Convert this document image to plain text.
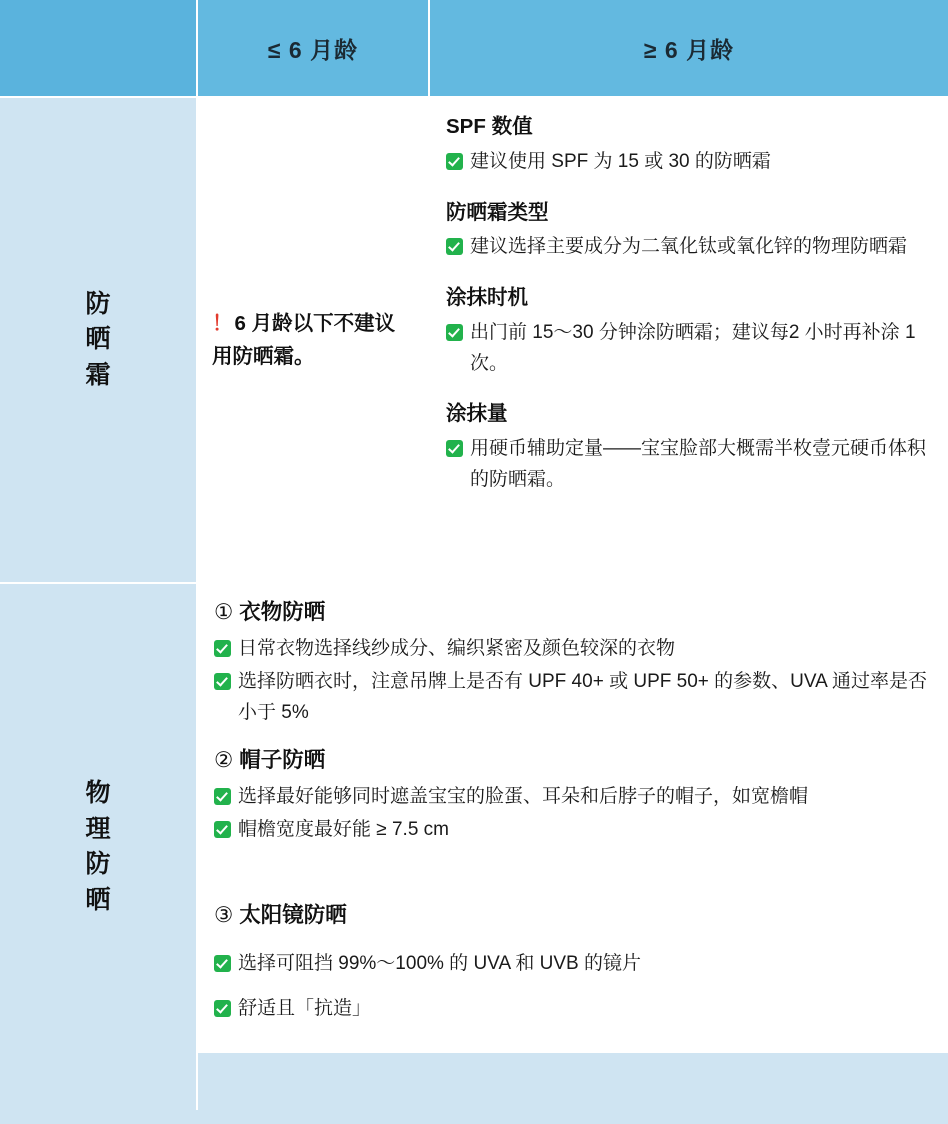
≤ 6 月龄	≥ 6 月龄
防晒霜
！6 月龄以下不建议用防晒霜。
SPF 数值
建议使用 SPF 为 15 或 30 的防晒霜
防晒霜类型
建议选择主要成分为二氧化钛或氧化锌的物理防晒霜
涂抹时机
出门前 15～30 分钟涂防晒霜；建议每2 小时再补涂 1次。
涂抹量
用硬币辅助定量——宝宝脸部大概需半枚壹元硬币体积的防晒霜。
物理防晒
① 衣物防晒
日常衣物选择线纱成分、编织紧密及颜色较深的衣物
选择防晒衣时，注意吊牌上是否有 UPF 40+ 或 UPF 50+ 的参数、UVA 通过率是否小于 5%
② 帽子防晒
选择最好能够同时遮盖宝宝的脸蛋、耳朵和后脖子的帽子，如宽檐帽
帽檐宽度最好能 ≥ 7.5 cm
③ 太阳镜防晒
选择可阻挡 99%～100% 的 UVA 和 UVB 的镜片
舒适且「抗造」
